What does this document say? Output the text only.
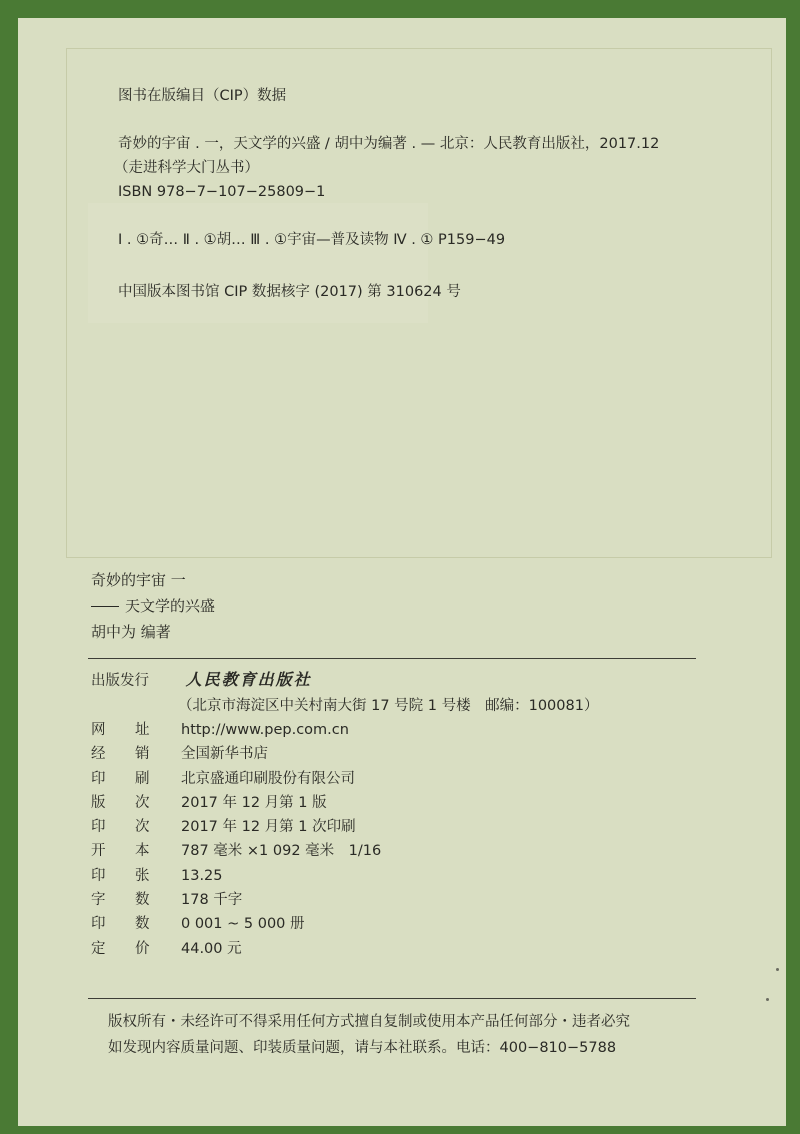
图书在版编目（CIP）数据
奇妙的宇宙 . 一，天文学的兴盛 / 胡中为编著 . — 北京：人民教育出版社，2017.12
（走进科学大门丛书）
ISBN 978−7−107−25809−1
Ⅰ . ①奇… Ⅱ . ①胡… Ⅲ . ①宇宙—普及读物 Ⅳ . ① P159−49
中国版本图书馆 CIP 数据核字 (2017) 第 310624 号
奇妙的宇宙 一
天文学的兴盛
胡中为 编著
出版发行 人民教育出版社
（北京市海淀区中关村南大街 17 号院 1 号楼　邮编：100081）
网 址 http://www.pep.com.cn
经 销 全国新华书店
印 刷 北京盛通印刷股份有限公司
版 次 2017 年 12 月第 1 版
印 次 2017 年 12 月第 1 次印刷
开 本 787 毫米 ×1 092 毫米　1/16
印 张 13.25
字 数 178 千字
印 数 0 001 ~ 5 000 册
定 价 44.00 元
版权所有・未经许可不得采用任何方式擅自复制或使用本产品任何部分・违者必究
如发现内容质量问题、印装质量问题，请与本社联系。电话：400−810−5788
